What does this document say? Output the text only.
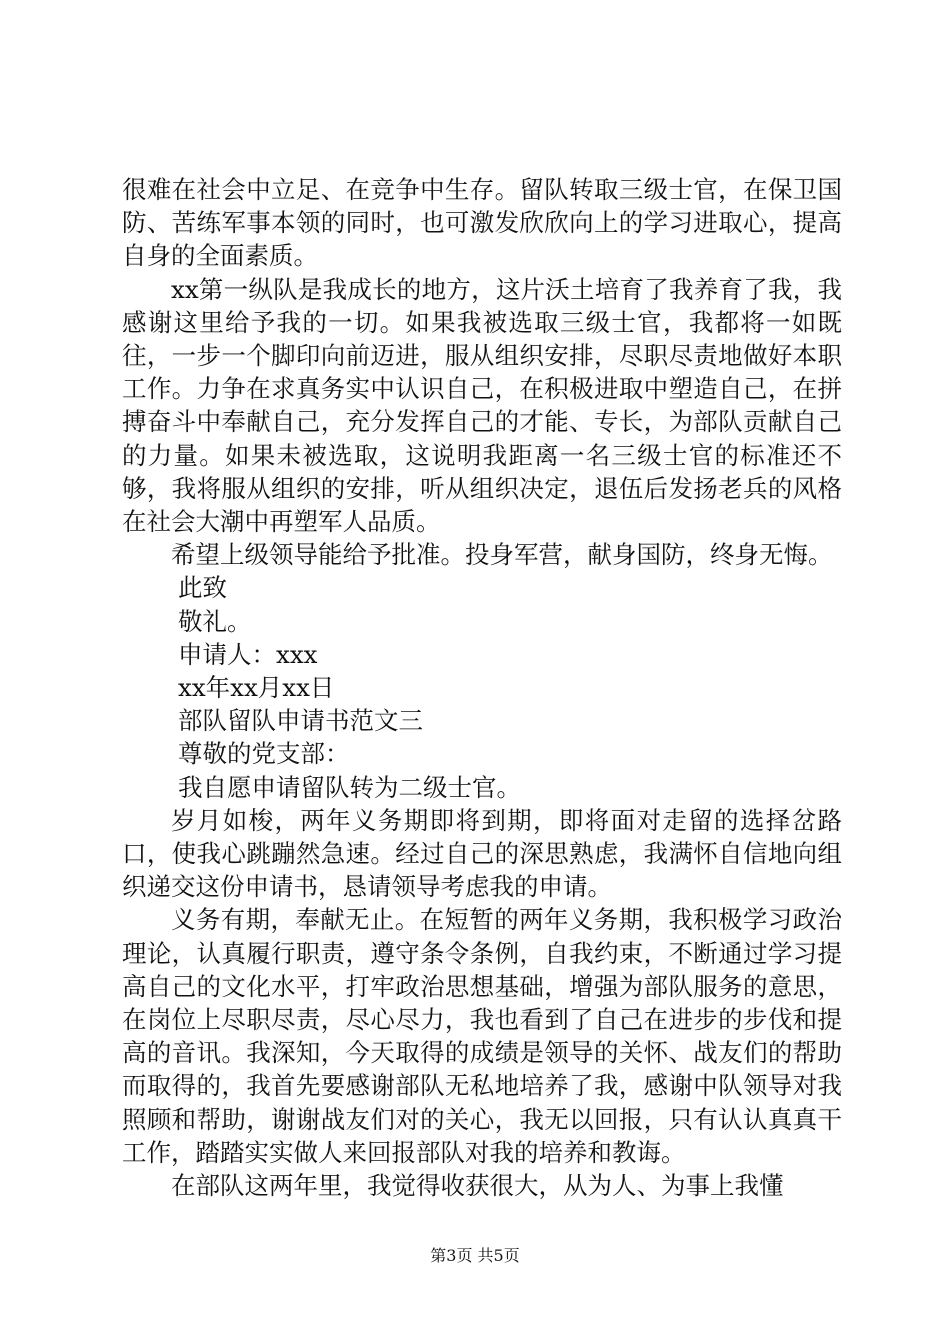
很难在社会中立足、在竞争中生存。留队转取三级士官，在保卫国防、苦练军事本领的同时，也可激发欣欣向上的学习进取心，提高自身的全面素质。

xx第一纵队是我成长的地方，这片沃土培育了我养育了我，我感谢这里给予我的一切。如果我被选取三级士官，我都将一如既往，一步一个脚印向前迈进，服从组织安排，尽职尽责地做好本职工作。力争在求真务实中认识自己，在积极进取中塑造自己，在拼搏奋斗中奉献自己，充分发挥自己的才能、专长，为部队贡献自己的力量。如果未被选取，这说明我距离一名三级士官的标准还不够，我将服从组织的安排，听从组织决定，退伍后发扬老兵的风格在社会大潮中再塑军人品质。

希望上级领导能给予批准。投身军营，献身国防，终身无悔。

此致

敬礼。

申请人：xxx

xx年xx月xx日

部队留队申请书范文三

尊敬的党支部：

我自愿申请留队转为二级士官。

岁月如梭，两年义务期即将到期，即将面对走留的选择岔路口，使我心跳蹦然急速。经过自己的深思熟虑，我满怀自信地向组织递交这份申请书，恳请领导考虑我的申请。

义务有期，奉献无止。在短暂的两年义务期，我积极学习政治理论，认真履行职责，遵守条令条例，自我约束，不断通过学习提高自己的文化水平，打牢政治思想基础，增强为部队服务的意思，在岗位上尽职尽责，尽心尽力，我也看到了自己在进步的步伐和提高的音讯。我深知，今天取得的成绩是领导的关怀、战友们的帮助而取得的，我首先要感谢部队无私地培养了我，感谢中队领导对我照顾和帮助，谢谢战友们对的关心，我无以回报，只有认认真真干工作，踏踏实实做人来回报部队对我的培养和教诲。

在部队这两年里，我觉得收获很大，从为人、为事上我懂

第3页 共5页
